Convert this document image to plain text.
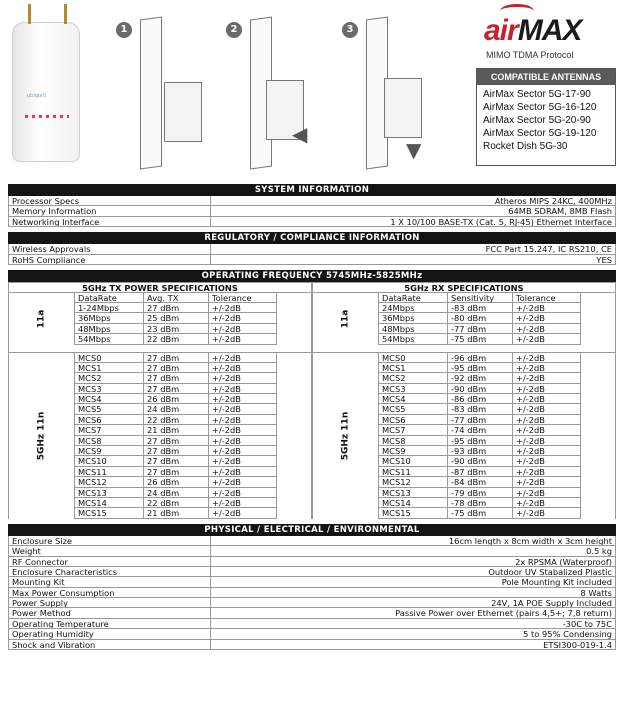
ubiquiti
1	2
◀
3
▼
airMAX
MIMO TDMA Protocol
COMPATIBLE ANTENNAS
AirMax Sector 5G-17-90
AirMax Sector 5G-16-120
AirMax Sector 5G-20-90
AirMax Sector 5G-19-120
Rocket Dish 5G-30
SYSTEM INFORMATION
Processor Specs	Atheros MIPS 24KC, 400MHz
Memory Information	64MB SDRAM, 8MB Flash
Networking Interface	1 X 10/100 BASE-TX (Cat. 5, RJ-45) Ethernet Interface
REGULATORY / COMPLIANCE INFORMATION
Wireless Approvals	FCC Part 15.247, IC RS210, CE
RoHS Compliance	YES
OPERATING FREQUENCY 5745MHz-5825MHz
5GHz TX POWER SPECIFICATIONS
11a
DataRate	Avg. TX	Tolerance
1-24Mbps	27 dBm	+/-2dB
36Mbps	25 dBm	+/-2dB
48Mbps	23 dBm	+/-2dB
54Mbps	22 dBm	+/-2dB
5GHz 11n
MCS0	27 dBm	+/-2dB
MCS1	27 dBm	+/-2dB
MCS2	27 dBm	+/-2dB
MCS3	27 dBm	+/-2dB
MCS4	26 dBm	+/-2dB
MCS5	24 dBm	+/-2dB
MCS6	22 dBm	+/-2dB
MCS7	21 dBm	+/-2dB
MCS8	27 dBm	+/-2dB
MCS9	27 dBm	+/-2dB
MCS10	27 dBm	+/-2dB
MCS11	27 dBm	+/-2dB
MCS12	26 dBm	+/-2dB
MCS13	24 dBm	+/-2dB
MCS14	22 dBm	+/-2dB
MCS15	21 dBm	+/-2dB
5GHz RX SPECIFICATIONS
11a
DataRate	Sensitivity	Tolerance
24Mbps	-83 dBm	+/-2dB
36Mbps	-80 dBm	+/-2dB
48Mbps	-77 dBm	+/-2dB
54Mbps	-75 dBm	+/-2dB
5GHz 11n
MCS0	-96 dBm	+/-2dB
MCS1	-95 dBm	+/-2dB
MCS2	-92 dBm	+/-2dB
MCS3	-90 dBm	+/-2dB
MCS4	-86 dBm	+/-2dB
MCS5	-83 dBm	+/-2dB
MCS6	-77 dBm	+/-2dB
MCS7	-74 dBm	+/-2dB
MCS8	-95 dBm	+/-2dB
MCS9	-93 dBm	+/-2dB
MCS10	-90 dBm	+/-2dB
MCS11	-87 dBm	+/-2dB
MCS12	-84 dBm	+/-2dB
MCS13	-79 dBm	+/-2dB
MCS14	-78 dBm	+/-2dB
MCS15	-75 dBm	+/-2dB
PHYSICAL / ELECTRICAL / ENVIRONMENTAL
Enclosure Size	16cm length x 8cm width x 3cm height
Weight	0.5 kg
RF Connector	2x RPSMA (Waterproof)
Enclosure Characteristics	Outdoor UV Stabalized Plastic
Mounting Kit	Pole Mounting Kit included
Max Power Consumption	8 Watts
Power Supply	24V, 1A POE Supply Included
Power Method	Passive Power over Ethernet (pairs 4,5+; 7,8 return)
Operating Temperature	-30C to 75C
Operating Humidity	5 to 95% Condensing
Shock and Vibration	ETSI300-019-1.4
